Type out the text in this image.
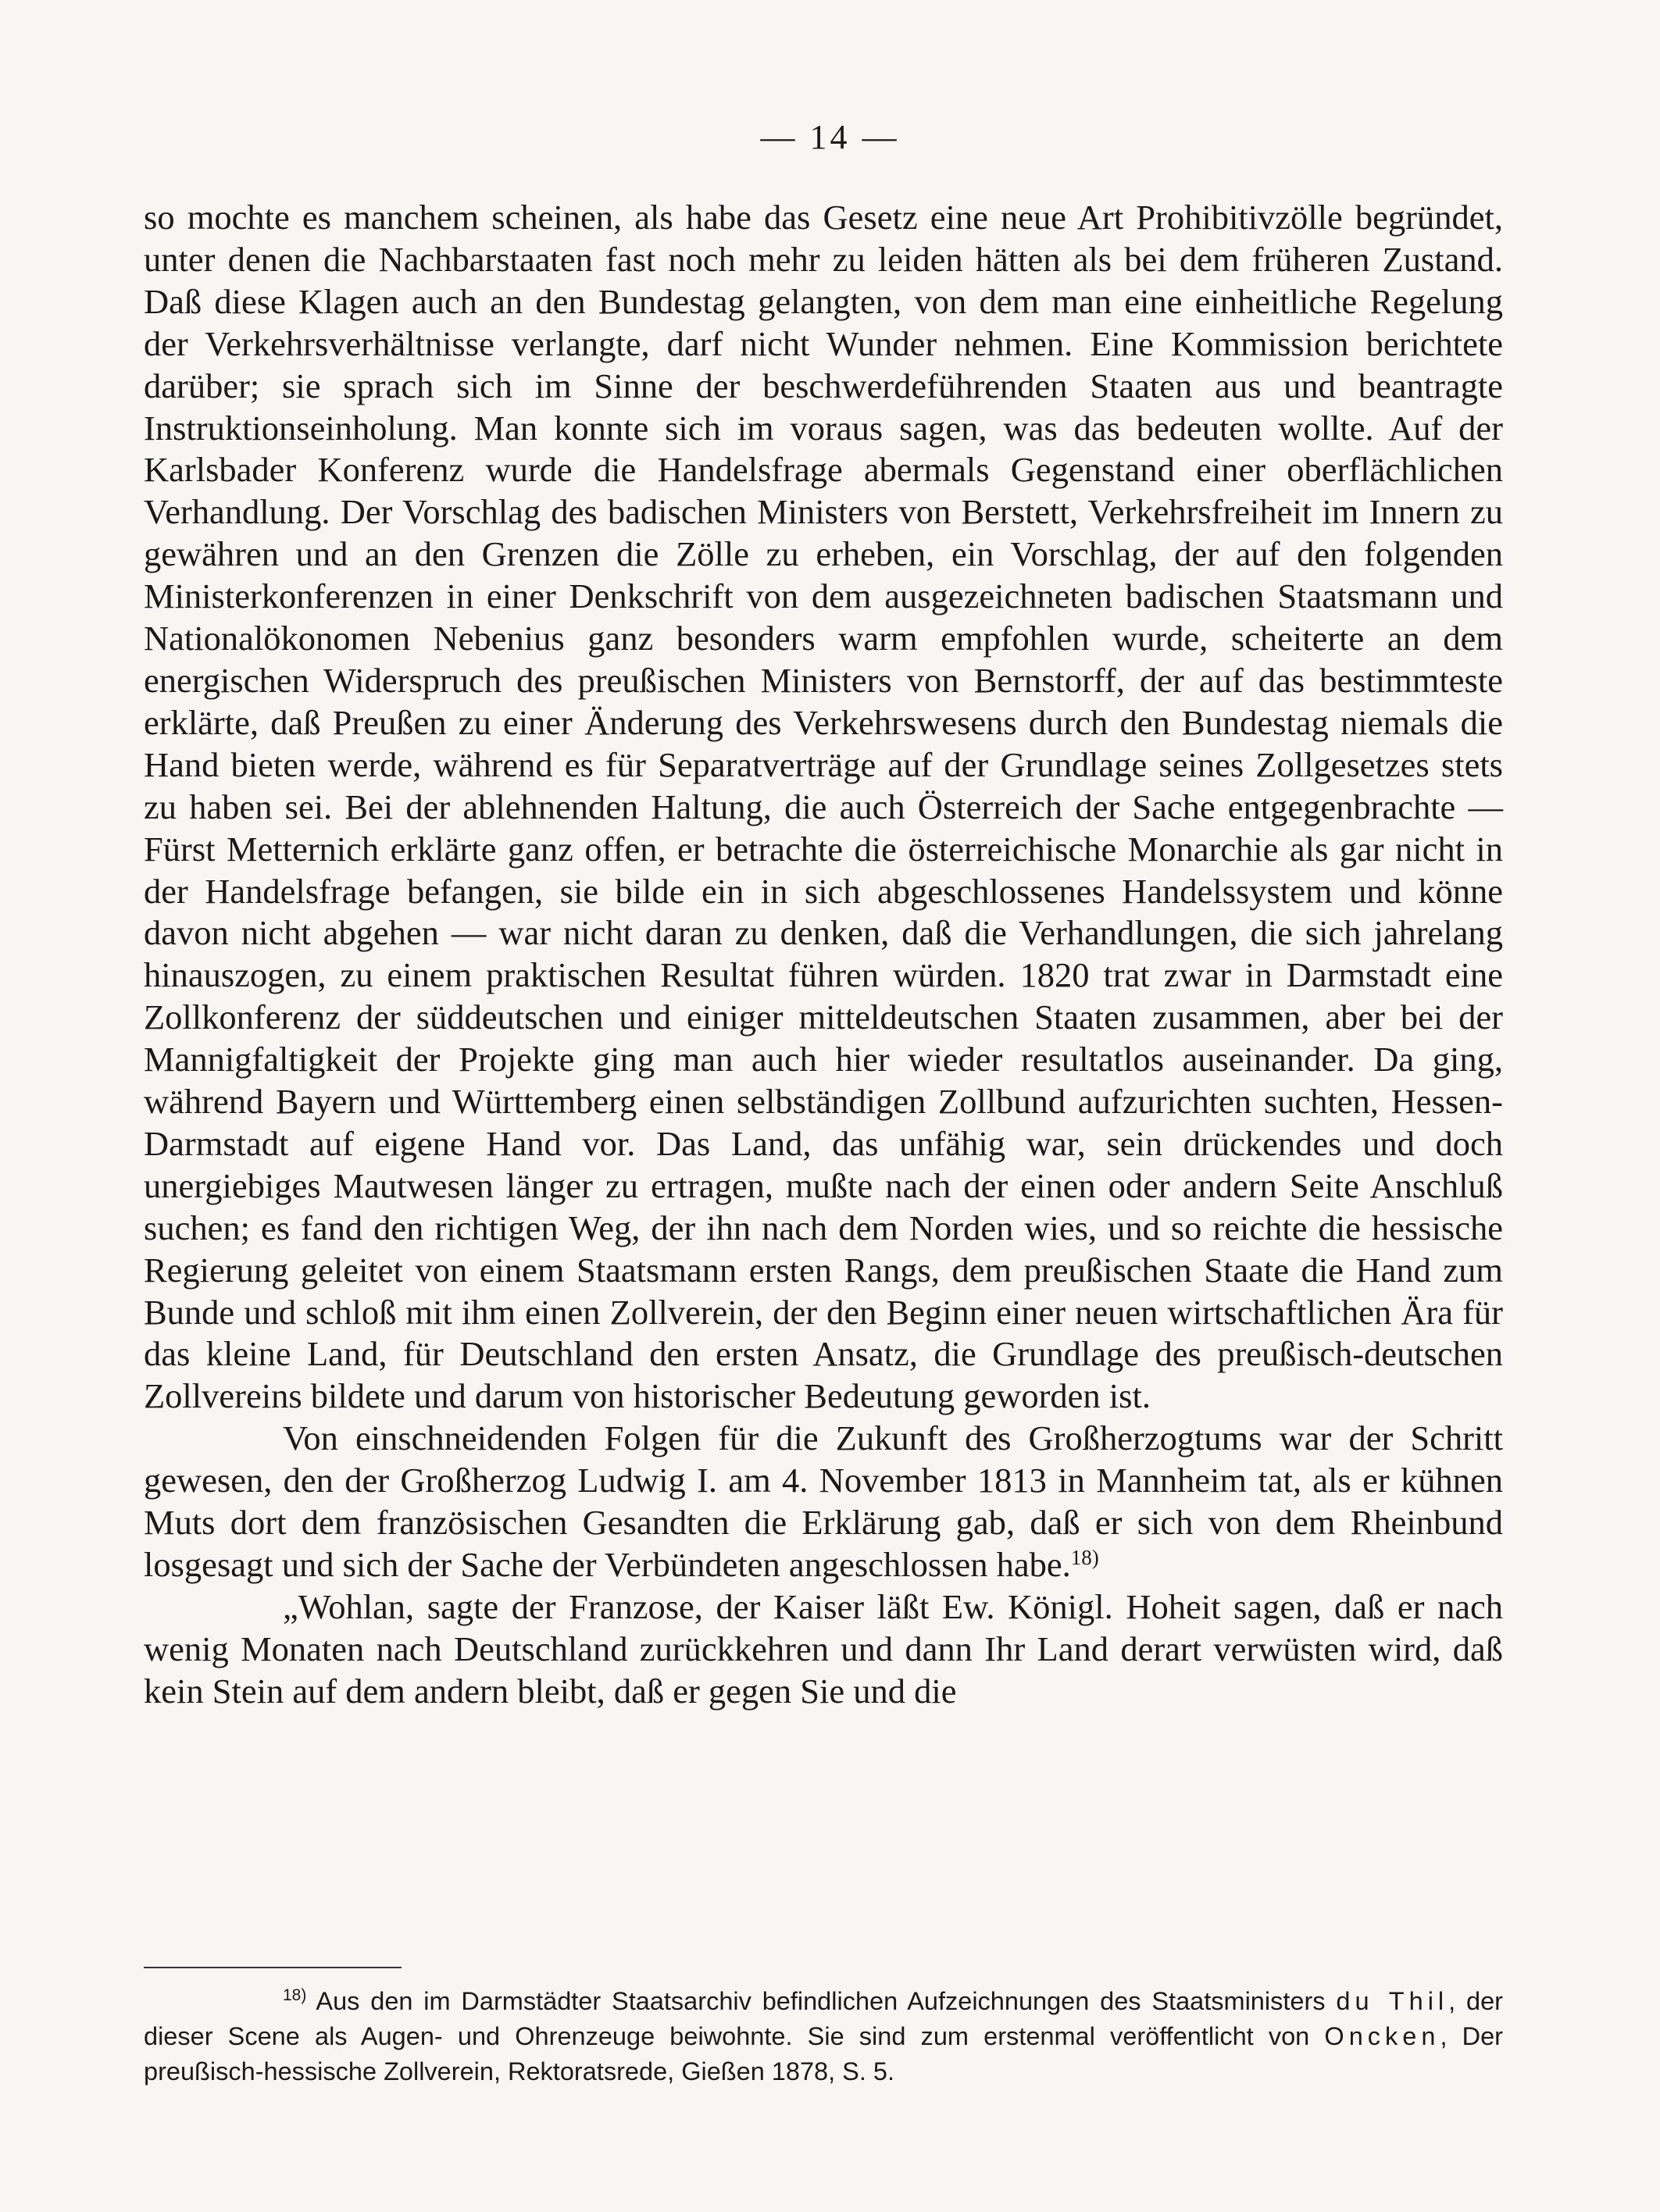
— 14 —

so mochte es manchem scheinen, als habe das Gesetz eine neue Art Prohibitivzölle begründet, unter denen die Nachbarstaaten fast noch mehr zu leiden hätten als bei dem früheren Zustand. Daß diese Klagen auch an den Bundestag gelangten, von dem man eine einheitliche Regelung der Verkehrsverhältnisse verlangte, darf nicht Wunder nehmen. Eine Kommission berichtete darüber; sie sprach sich im Sinne der beschwerdeführenden Staaten aus und beantragte Instruktionseinholung. Man konnte sich im voraus sagen, was das bedeuten wollte. Auf der Karlsbader Konferenz wurde die Handelsfrage abermals Gegenstand einer oberflächlichen Verhandlung. Der Vorschlag des badischen Ministers von Berstett, Verkehrsfreiheit im Innern zu gewähren und an den Grenzen die Zölle zu erheben, ein Vorschlag, der auf den folgenden Ministerkonferenzen in einer Denkschrift von dem ausgezeichneten badischen Staatsmann und Nationalökonomen Nebenius ganz besonders warm empfohlen wurde, scheiterte an dem energischen Widerspruch des preußischen Ministers von Bernstorff, der auf das bestimmteste erklärte, daß Preußen zu einer Änderung des Verkehrswesens durch den Bundestag niemals die Hand bieten werde, während es für Separatverträge auf der Grundlage seines Zollgesetzes stets zu haben sei. Bei der ablehnenden Haltung, die auch Österreich der Sache entgegenbrachte — Fürst Metternich erklärte ganz offen, er betrachte die österreichische Monarchie als gar nicht in der Handelsfrage befangen, sie bilde ein in sich abgeschlossenes Handelssystem und könne davon nicht abgehen — war nicht daran zu denken, daß die Verhandlungen, die sich jahrelang hinauszogen, zu einem praktischen Resultat führen würden. 1820 trat zwar in Darmstadt eine Zollkonferenz der süddeutschen und einiger mitteldeutschen Staaten zusammen, aber bei der Mannigfaltigkeit der Projekte ging man auch hier wieder resultatlos auseinander. Da ging, während Bayern und Württemberg einen selbständigen Zollbund aufzurichten suchten, Hessen-Darmstadt auf eigene Hand vor. Das Land, das unfähig war, sein drückendes und doch unergiebiges Mautwesen länger zu ertragen, mußte nach der einen oder andern Seite Anschluß suchen; es fand den richtigen Weg, der ihn nach dem Norden wies, und so reichte die hessische Regierung geleitet von einem Staatsmann ersten Rangs, dem preußischen Staate die Hand zum Bunde und schloß mit ihm einen Zollverein, der den Beginn einer neuen wirtschaftlichen Ära für das kleine Land, für Deutschland den ersten Ansatz, die Grundlage des preußisch-deutschen Zollvereins bildete und darum von historischer Bedeutung geworden ist.

Von einschneidenden Folgen für die Zukunft des Großherzogtums war der Schritt gewesen, den der Großherzog Ludwig I. am 4. November 1813 in Mannheim tat, als er kühnen Muts dort dem französischen Gesandten die Erklärung gab, daß er sich von dem Rheinbund losgesagt und sich der Sache der Verbündeten angeschlossen habe.$^{18)}$

„Wohlan, sagte der Franzose, der Kaiser läßt Ew. Königl. Hoheit sagen, daß er nach wenig Monaten nach Deutschland zurückkehren und dann Ihr Land derart verwüsten wird, daß kein Stein auf dem andern bleibt, daß er gegen Sie und die

$^{18)}$ Aus den im Darmstädter Staatsarchiv befindlichen Aufzeichnungen des Staatsministers du Thil, der dieser Scene als Augen- und Ohrenzeuge beiwohnte. Sie sind zum erstenmal veröffentlicht von Oncken, Der preußisch-hessische Zollverein, Rektoratsrede, Gießen 1878, S. 5.
